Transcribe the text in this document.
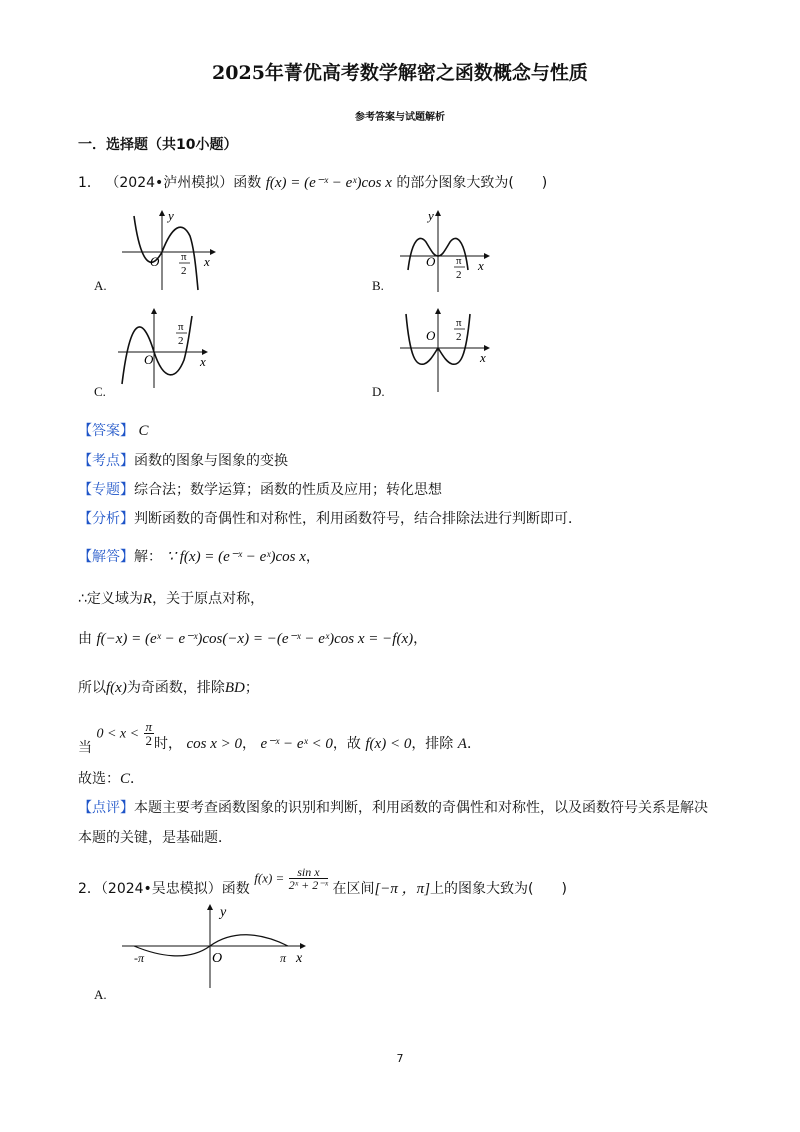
2025年菁优高考数学解密之函数概念与性质
参考答案与试题解析
一．选择题（共10小题）
1． （2024•泸州模拟）函数 f(x) = (e⁻ˣ − eˣ)cos x 的部分图象大致为(　　)
y
O π
2
x
A.
y
O π
2
x
B.
O
π
2
x
C.
O
π
2
x
D.
【答案】 C
【考点】函数的图象与图象的变换
【专题】综合法；数学运算；函数的性质及应用；转化思想
【分析】判断函数的奇偶性和对称性，利用函数符号，结合排除法进行判断即可．
【解答】解： ∵ f(x) = (e⁻ˣ − eˣ)cos x，
∴定义域为R，关于原点对称，
由 f(−x) = (eˣ − e⁻ˣ)cos(−x) = −(e⁻ˣ − eˣ)cos x = −f(x)，
所以f(x)为奇函数，排除BD；
当 $0 < x < \frac{\pi}{2}$ 时， cos x > 0， e⁻ˣ − eˣ < 0，故 f(x) < 0，排除 A．
故选：C．
【点评】本题主要考查函数图象的识别和判断，利用函数的奇偶性和对称性，以及函数符号关系是解决
本题的关键，是基础题．
2．（2024•吴忠模拟）函数 $f(x) = \frac{\text{sin x}}{\text{2ˣ + 2⁻ˣ}}$ 在区间[−π ，π]上的图象大致为(　　)
y
O
-π	π x
A.
7
